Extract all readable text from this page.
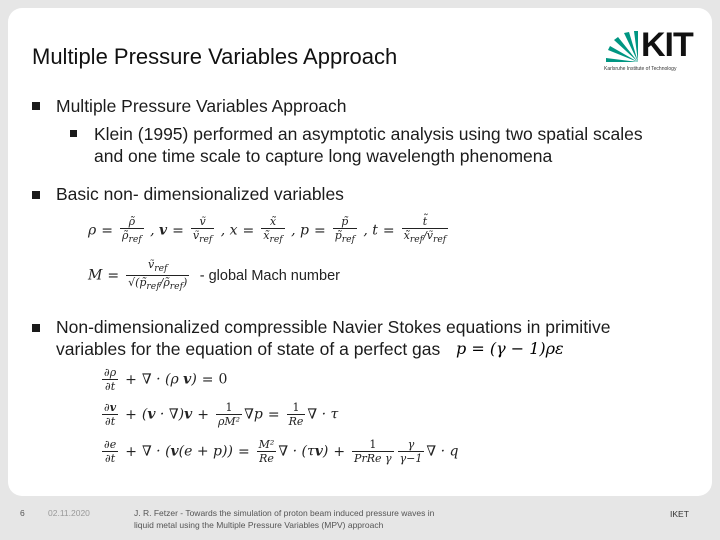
Multiple Pressure Variables Approach	KIT
Karlsruhe Institute of Technology
Multiple Pressure Variables Approach
Klein (1995) performed an asymptotic analysis using two spatial scales
and one time scale to capture long wavelength phenomena
Basic non- dimensionalized variables
$\rho = \frac{\rhõ}{\rhõ_{ref}}$ , $v = \frac{\text{ṽ}}{ṽ_{ref}}$ , $x = \frac{x̃}{x̃_{ref}}$ , $p = \frac{p̃}{p̃_{ref}}$ , $t = \frac{t̃}{x̃_{ref}/ṽ_{ref}}$
$M = \frac{ṽ_{ref}}{√(p̃_{ref}/\rhõ_{ref})}$ - global Mach number
Non-dimensionalized compressible Navier Stokes equations in primitive
variables for the equation of state of a perfect gas p = (γ − 1)ρε
$\frac{\partial\rho}{\partial t}$ + ∇ · (ρ v) = 0
$\frac{\partial v}{\partial t} + (v \cdot \nabla)v + \frac{1}{\text{ρM²}} \nabla p = \frac{1}{Re}$ ∇ · τ
$\frac{\partial e}{\partial t}$ + ∇ · $(v(e + p)) = \frac{\text{M²}}{Re}$ ∇ · $(\tau v) + \frac{1}{\text{PrRe γ}} \frac{\gamma}{\gamma-1}$ ∇ · q
6	02.11.2020	J. R. Fetzer - Towards the simulation of proton beam induced pressure waves in
liquid metal using the Multiple Pressure Variables (MPV) approach
IKET
